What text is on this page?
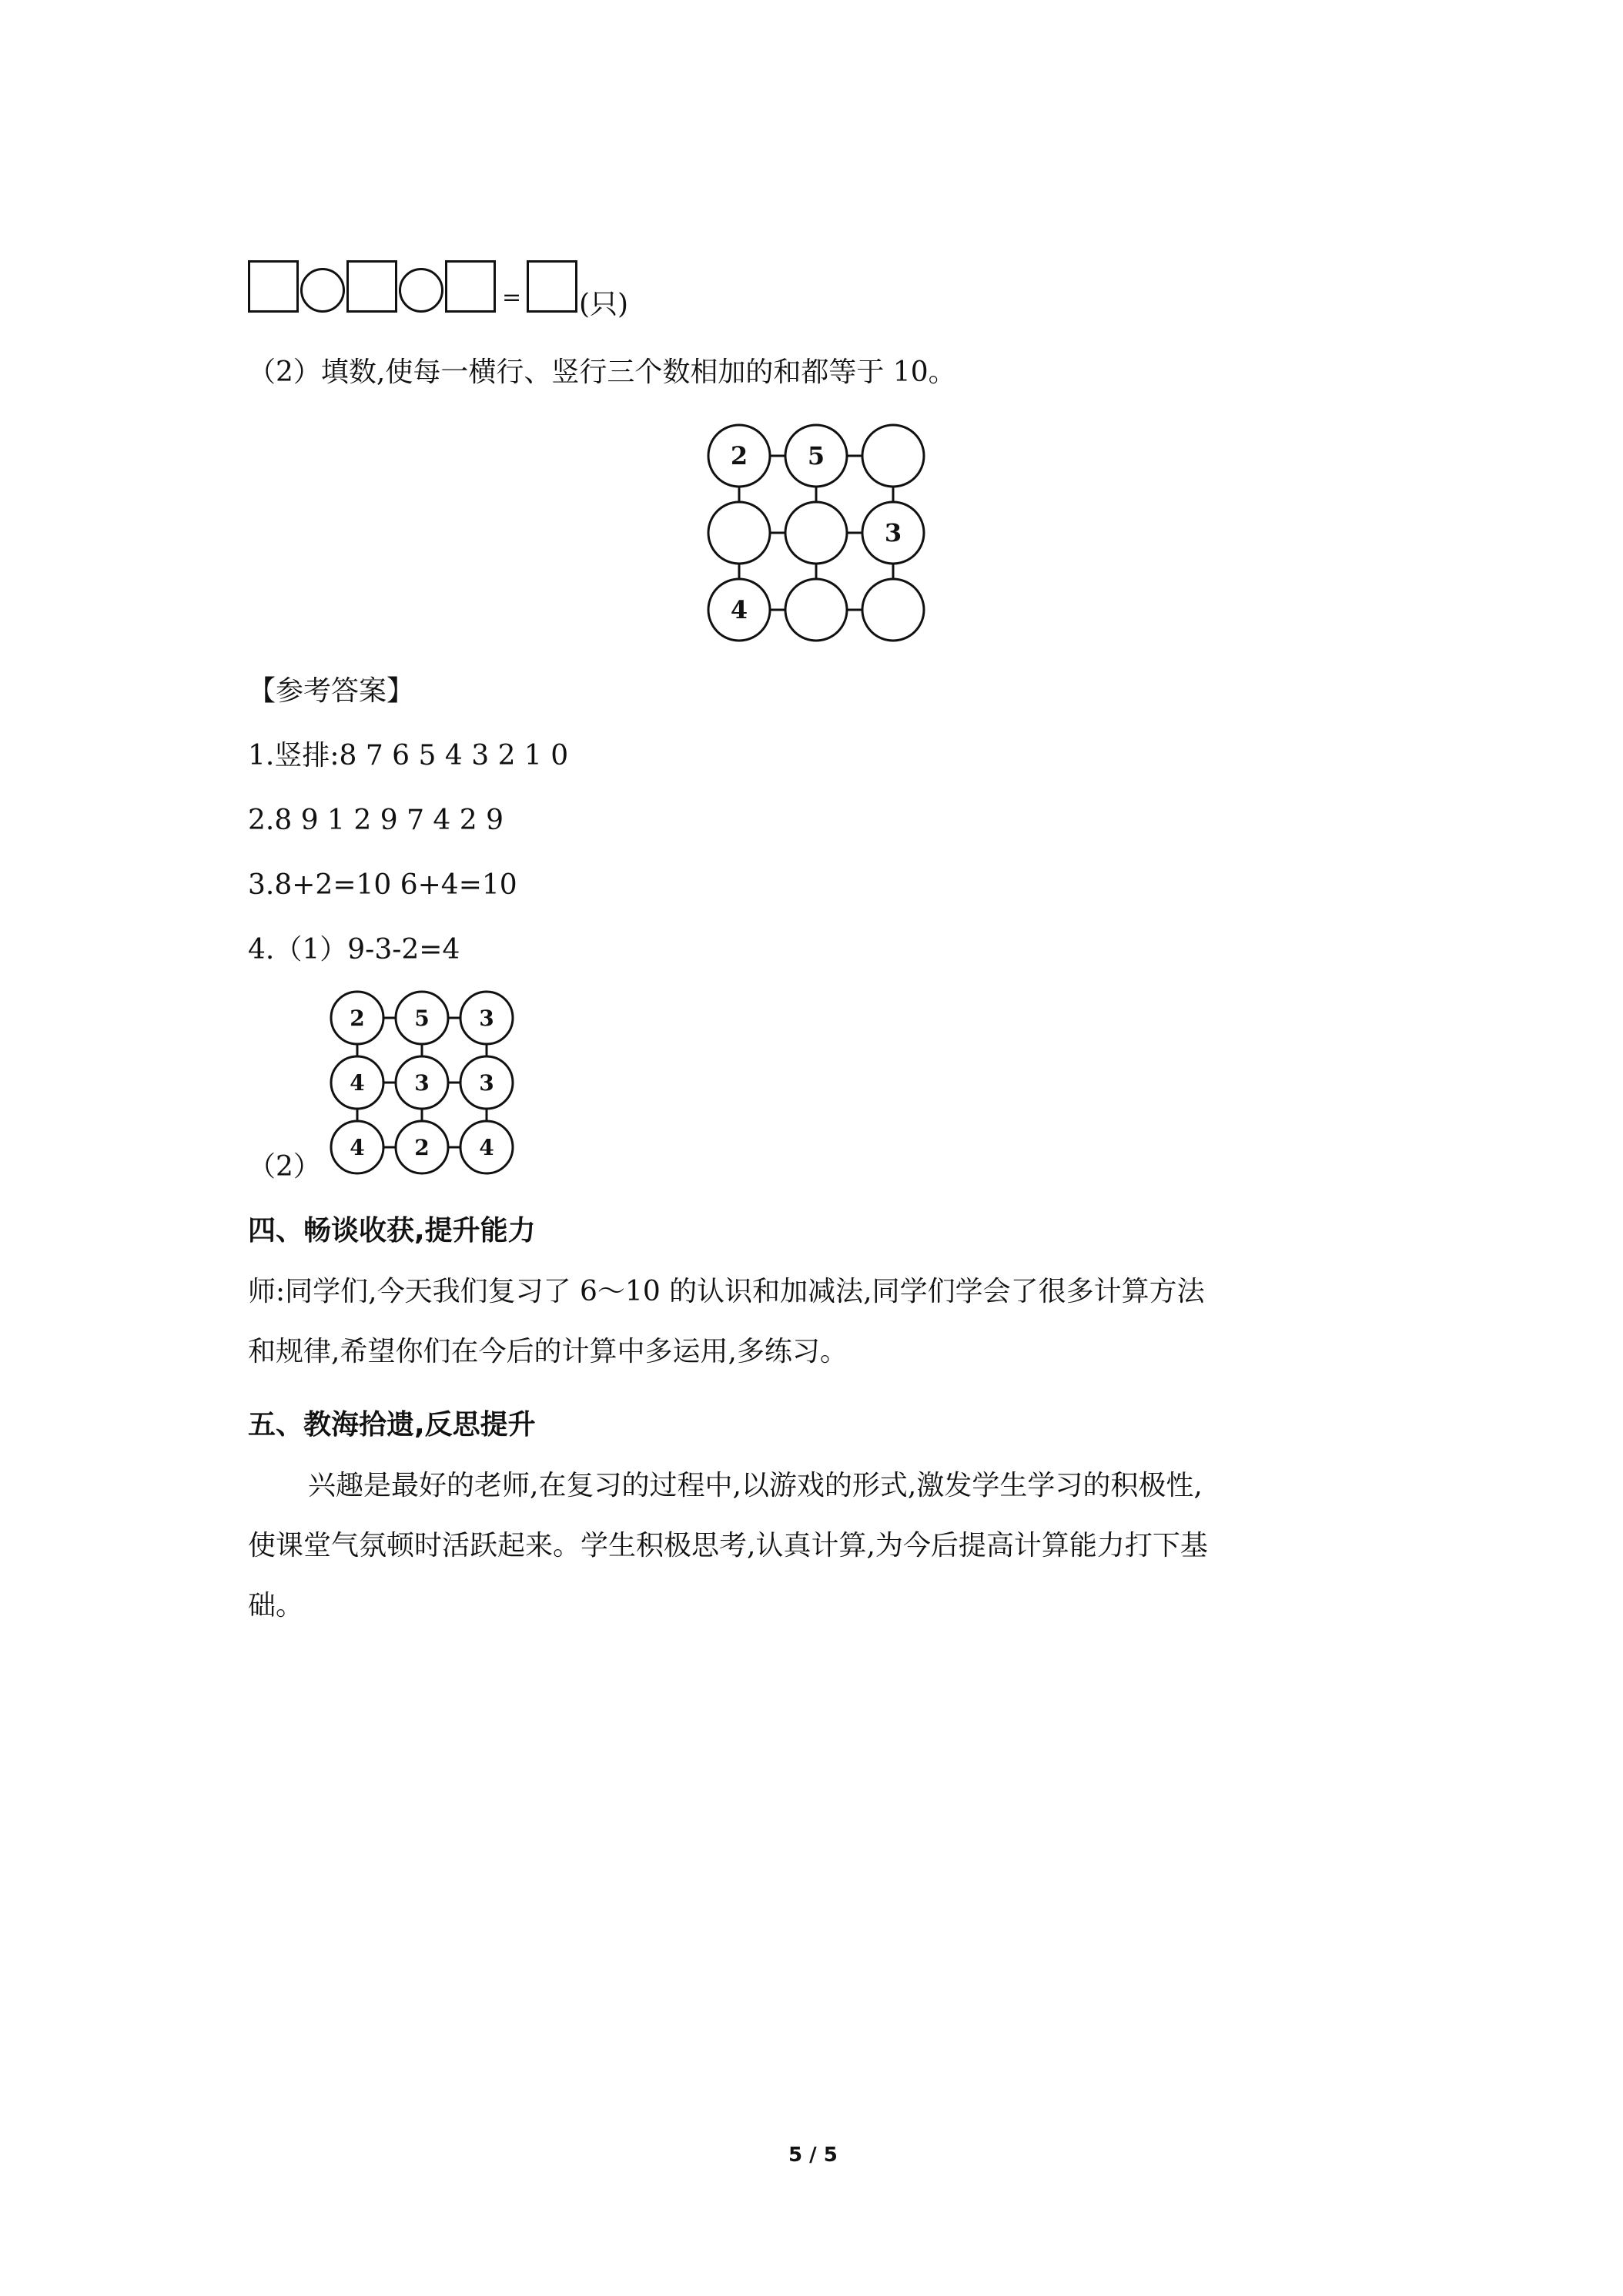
= (只)
（2）填数,使每一横行、竖行三个数相加的和都等于 10。
2 5
3
4
【参考答案】
1.竖排:8 7 6 5 4 3 2 1 0
2.8 9 1 2 9 7 4 2 9
3.8+2=10 6+4=10
4.（1）9-3-2=4
2 5 3
4 3 3
4 2 4
（2）
四、畅谈收获,提升能力
师:同学们,今天我们复习了 6～10 的认识和加减法,同学们学会了很多计算方法
和规律,希望你们在今后的计算中多运用,多练习。
五、教海拾遗,反思提升
兴趣是最好的老师,在复习的过程中,以游戏的形式,激发学生学习的积极性,
使课堂气氛顿时活跃起来。学生积极思考,认真计算,为今后提高计算能力打下基
础。
5 / 5
